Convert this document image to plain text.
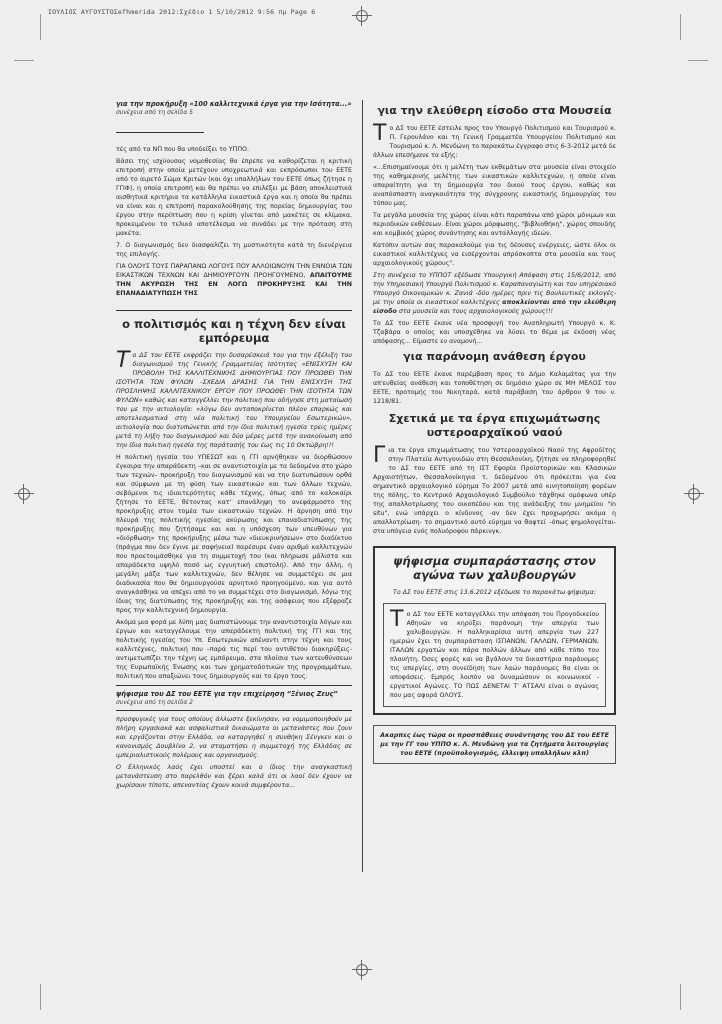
ΙΟΥΛΙΟΣ ΑΥΓΟΥΣΤΟΣefhmerida 2012:Σχέδιο 1 5/10/2012 9:56 πμ Page 6

για την προκήρυξη «100 καλλιτεχνικά έργα για την Ισότητα...»

συνέχεια από τη σελίδα 5

τές από τα ΝΠ που θα υποδείξει το ΥΠΠΟ.

Βάσει της ισχύουσας νομοθεσίας θα έπρεπε να καθορίζεται η κριτική επιτροπή στην οποία μετέχουν υποχρεωτικά και εκπρόσωποι του ΕΕΤΕ από το αιρετό Σώμα Κριτών (και όχι υπαλλήλων του ΕΕΤΕ όπως ζήτησε η ΓΓΙΦ), η οποία επιτροπή και θα πρέπει να επιλέξει με βάση αποκλειστικά αισθητικά κριτήρια τα κατάλληλα εικαστικά έργα και η οποία θα πρέπει να είναι και η επιτροπή παρακολούθησης της πορείας δημιουργίας του έργου στην περίπτωση που η κρίση γίνεται από μακέτες σε κλίμακα, προκειμένου το τελικό αποτέλεσμα να συνάδει με την πρόταση στη μακέτα.

7. Ο διαγωνισμός δεν διασφαλίζει τη μυστικότητα κατά τη διενέργεια της επιλογής.

ΓΙΑ ΟΛΟΥΣ ΤΟΥΣ ΠΑΡΑΠΑΝΩ ΛΟΓΟΥΣ ΠΟΥ ΑΛΛΟΙΩΝΟΥΝ ΤΗΝ ΕΝΝΟΙΑ ΤΩΝ ΕΙΚΑΣΤΙΚΩΝ ΤΕΧΝΩΝ ΚΑΙ ΔΗΜΙΟΥΡΓΟΥΝ ΠΡΟΗΓΟΥΜΕΝΟ, ΑΠΑΙΤΟΥΜΕ ΤΗΝ ΑΚΥΡΩΣΗ ΤΗΣ ΕΝ ΛΟΓΩ ΠΡΟΚΗΡΥΞΗΣ ΚΑΙ ΤΗΝ ΕΠΑΝΑΔΙΑΤΥΠΩΣΗ ΤΗΣ

ο πολιτισμός και η τέχνη δεν είναι εμπόρευμα

Το ΔΣ του ΕΕΤΕ εκφράζει την δυσαρέσκειά του για την έξέλιξη του διαγωνισμού της Γενικής Γραμματείας Ισότητας «ΕΝΙΣΧΥΣΗ ΚΑΙ ΠΡΟΒΟΛΗ ΤΗΣ ΚΑΛΛΙΤΕΧΝΙΚΗΣ ΔΗΜΙΟΥΡΓΙΑΣ ΠΟΥ ΠΡΟΩΘΕΙ ΤΗΝ ΙΣΟΤΗΤΑ ΤΩΝ ΦΥΛΩΝ -ΣΧΕΔΙΑ ΔΡΑΣΗΣ ΓΙΑ ΤΗΝ ΕΝΙΣΧΥΣΗ ΤΗΣ ΠΡΟΣΛΗΨΗΣ ΚΑΛΛΙΤΕΧΝΙΚΟΥ ΕΡΓΟΥ ΠΟΥ ΠΡΟΩΘΕΙ ΤΗΝ ΙΣΟΤΗΤΑ ΤΩΝ ΦΥΛΩΝ» καθώς και καταγγέλλει την πολιτική που οδήγησε στη ματαίωσή του με την αιτιολογία: «λόγω δεν ανταποκρίνεται πλέον επαρκώς και αποτελεσματικά στη νέα πολιτική του Υπουργείου Εσωτερικών», αιτιολογία που διατυπώνεται από την ίδια πολιτική ηγεσία τρεις ημέρες μετά τη λήξη του διαγωνισμού και δύο μέρες μετά την ανακοίνωση από την ίδια πολιτική ηγεσία της παράτασής του έως τις 10 Οκτώβρη!!!

Η πολιτική ηγεσία του ΥΠΕΣΩΤ και η ΓΓΙ αρνήθηκαν να διορθώσουν έγκαιρα την απαράδεκτη –και σε αναντιστοιχία με τα δεδομένα στο χώρο των τεχνών– προκήρυξη του διαγωνισμού και να την διατυπώσουν ορθά και σύμφωνα με τη φύση των εικαστικών και των άλλων τεχνών, σεβόμενοι τις ιδιαιτερότητες κάθε τέχνης, όπως από το καλοκαίρι ζήτησε το ΕΕΤΕ, θέτοντας κατ' επανάληψη το ανεφάρμοστο της προκήρυξης στον τομέα των εικαστικών τεχνών. Η άρνηση από την πλευρά της πολιτικής ηγεσίας ακύρωσης και επαναδιατύπωσης της προκήρυξης που ζητήσαμε και και η υπόσχεση των υπευθύνων για «διόρθωση» της προκήρυξης μέσω των «διευκρινήσεων» στο διαδίκτυο (πράγμα που δεν έγινε με σαφήνεια) παρέσυρε έναν αριθμό καλλιτεχνών που προετοιμάσθηκε για τη συμμετοχή του (και πλήρωσε μάλιστα και απαράδεκτα υψηλό ποσό ως εγγυητική επιστολή). Από την άλλη, η μεγάλη μάζα των καλλιτεχνών, δεν θέλησε να συμμετέχει σε μια διαδικασία που θα δημιουργούσε αρνητικό προηγούμενο, και για αυτό αναγκάσθηκε να απέχει από το να συμμετέχει στο διαγωνισμό, λόγω της ίδιας της διατύπωσης της προκήρυξης και της ασάφειας που εξέφραζε προς την καλλιτεχνική δημιουργία.

Ακόμα μια φορά με λύπη μας διαπιστώνουμε την αναντιστοιχία λόγων και έργων και καταγγέλουμε την απαράδεκτη πολιτική της ΓΓΙ και της πολιτικής ηγεσίας του Υπ. Εσωτερικών απέναντι στην τέχνη και τους καλλιτέχνες, πολιτική που –παρά τις περί του αντιθέτου διακηρύξεις- αντιμετωπίζει την τέχνη ως εμπόρευμα, στα πλαίσια των κατευθύνσεων της Ευρωπαϊκής Ένωσης και των χρηματοδοτικών της προγραμμάτων, πολιτική που απαξιώνει τους δημιουργούς και το έργο τους.

ψήφισμα του ΔΣ του ΕΕΤΕ για την επιχείρηση “Ξένιος Ζευς”

συνέχεια από τη σελίδα 2

προσφυγικές για τους οποίους άλλωστε ξεκίνησαν, να νομιμοποιηθούν με πλήρη εργασιακά και ασφαλιστικά δικαιώματα οι μετανάστες που ζουν και εργάζονται στην Ελλάδα, να καταργηθεί η συνθήκη Σένγκεν και ο κανονισμός Δουβλίνο 2, να σταματήσει η συμμετοχή της Ελλάδας σε ιμπεριαλιστικούς πολέμους και οργανισμούς.

Ο Ελληνικός λαός έχει υποστεί και ο ίδιος την αναγκαστική μετανάστευση στο παρελθόν και ξέρει καλά ότι οι λαοί δεν έχουν να χωρίσουν τίποτε, απεναντίας έχουν κοινά συμφέροντα...

για την ελεύθερη είσοδο στα Μουσεία

Το ΔΣ του ΕΕΤΕ έστειλε προς τον Υπουργό Πολιτισμού και Τουρισμού κ. Π. Γερουλάνο και τη Γενική Γραμματέα Υπουργείου Πολιτισμού και Τουρισμού κ. Λ. Μενδώνη το παρακάτω έγγραφο στις 6-3-2012 μετά δε άλλων επεσήμανε τα εξής:

«...Επισημαίνουμε ότι η μελέτη των εκθεμάτων στα μουσεία είναι στοιχείο της καθημερινής μελέτης των εικαστικών καλλιτεχνών, η οποία είναι απαραίτητη για τη δημιουργία του δικού τους έργου, καθώς και αναπόσπαστη αναγκαιότητα της σύγχρονης εικαστικής δημιουργίας του τόπου μας.

Τα μεγάλα μουσεία της χώρας είναι κάτι παραπάνω από χώροι μόνιμων και περιοδικών εκθέσεων. Είναι χώροι μόρφωσης, "βιβλιοθήκη", χώρος σπουδής και κομβικός χώρος συνάντησης και ανταλλαγής ιδεών.

Κατόπιν αυτών σας παρακαλούμε για τις δέουσες ενέργειες, ώστε όλοι οι εικαστικοί καλλιτέχνες να εισέρχονται απρόσκοπτα στα μουσεία και τους αρχαιολογικούς χώρους".

Στη συνέχεια το ΥΠΠΟΤ εξέδωσε Υπουργική Απόφαση στις 15/6/2012, από την Υπηρεσιακή Υπουργό Πολιτισμού κ. Καραπαναγιώτη και τον υπηρεσιακό Υπουργό Οικονομικών κ. Ζανιά -δύο ημέρες πριν τις Βουλευτικές εκλογές- με την οποία οι εικαστικοί καλλιτέχνες αποκλείονται από την ελεύθερη είσοδο στα μουσεία και τους αρχαιολογικούς χώρους!!!

Το ΔΣ του ΕΕΤΕ έκανε νέα προσφυγή τον Αναπληρωτή Υπουργό κ. Κ. Τζαβάρα ο οποίος και υποσχέθηκε να λύσει το θέμα με έκδοση νέας απόφασης... Είμαστε εν αναμονή...

για παράνομη ανάθεση έργου

Το ΔΣ του ΕΕΤΕ έκανε παρέμβαση προς το Δήμο Καλαμάτας για την απ'ευθείας ανάθεση και τοποθέτηση σε δημόσιο χώρο σε ΜΗ ΜΕΛΟΣ του ΕΕΤΕ, προτομής του Νικηταρά, κατά παράβαση του άρθρου 9 του ν. 1218/81.

Σχετικά με τα έργα επιχωμάτωσης υστεροαρχαϊκού ναού

Για τα έργα επιχωμάτωσης του Υστεροαρχαϊκού Ναού της Αφροδίτης στην Πλατεία Αντιγονιδών στη Θεσσαλονίκη, ζήτησε να πληροφορηθεί το ΔΣ του ΕΕΤΕ από τη ΙΣΤ Εφορία Προϊστορικών και Κλασικών Αρχαιοτήτων, Θεσσαλονίκηγια τ, δεδομένου ότι πρόκειται για ένα σημαντικό αρχαιολογικό εύρημα Το 2007 μετά από κινητοποίηση φορέων της πόλης, το Κεντρικό Αρχαιολογικό Συμβούλιο τάχθηκε ομόφωνα υπέρ της απαλλοτρίωσης του οικοπέδου και της ανάδειξης του μνημείου "in situ", ενώ υπάρχει ο κίνδυνος -αν δεν έχει προχωρήσει ακόμα η απαλλοτρίωση- το σημαντικό αυτό εύρημα να θαφτεί –όπως φημολογείται- στα υπόγεια ενός πολυόροφου πάρκινγκ.

ψήφισμα συμπαράστασης στον αγώνα των χαλυβουργών

Το ΔΣ του ΕΕΤΕ στις 13.6.2012 εξέδωσε το παρακάτω ψήφισμα:

Το ΔΣ του ΕΕΤΕ καταγγέλλει την απόφαση του Προγοδικείου Αθηνών να κηρύξει παράνομη την απεργία των χαλυβουργών. Η παλληκαρίσια αυτή απεργία των 227 ημερών έχει τη συμπαράσταση ΙΣΠΑΝΩΝ, ΓΑΛΛΩΝ, ΓΕΡΜΑΝΩΝ, ΙΤΑΛΩΝ εργατών και πάρα πολλών άλλων από κάθε τόπο του πλανήτη. Όσες φορές και να βγάλουν τα δικαστήρια παράνομες τις απεργίες, στη συνείδηση των λαών παράνομες θα είναι οι αποφάσεις. Εμπρός λοιπόν να δυναμώσουν οι κοινωνικοί - εργατικοί Αγώνες. ΤΟ ΠΩΣ ΔΕΝΕΤΑΙ Τ' ΑΤΣΑΛΙ είναι ο αγώνας που μας αφορά ΟΛΟΥΣ.

Ακαρπες έως τώρα οι προσπάθειες συνάντησης του ΔΣ του ΕΕΤΕ με την ΓΓ του ΥΠΠΟ κ. Λ. Μενδώνη για τα ζητήματα λειτουργίας του ΕΕΤΕ (προϋπολογισμός, έλλειψη υπαλλήλων κλπ)
